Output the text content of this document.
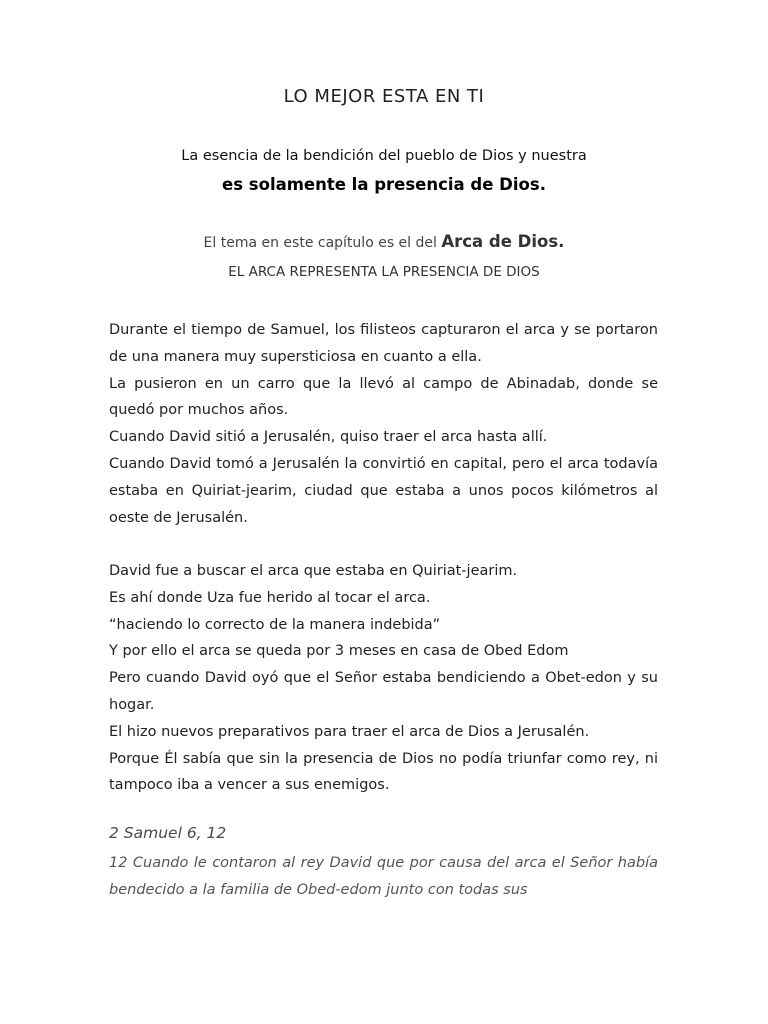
LO MEJOR ESTA EN TI
La esencia de la bendición del pueblo de Dios y nuestra
es solamente la presencia de Dios.
El tema en este capítulo es el del Arca de Dios.
EL ARCA REPRESENTA LA PRESENCIA DE DIOS

Durante el tiempo de Samuel, los filisteos capturaron el arca y se portaron de una manera muy supersticiosa en cuanto a ella.

La pusieron en un carro que la llevó al campo de Abinadab, donde se quedó por muchos años.

Cuando David sitió a Jerusalén, quiso traer el arca hasta allí.

Cuando David tomó a Jerusalén la convirtió en capital, pero el arca todavía estaba en Quiriat-jearim, ciudad que estaba a unos pocos kilómetros al oeste de Jerusalén.

David fue a buscar el arca que estaba en Quiriat-jearim.

Es ahí donde Uza fue herido al tocar el arca.

“haciendo lo correcto de la manera indebida”

Y por ello el arca se queda por 3 meses en casa de Obed Edom

Pero cuando David oyó que el Señor estaba bendiciendo a Obet-edon y su hogar.

El hizo nuevos preparativos para traer el arca de Dios a Jerusalén.

Porque Él sabía que sin la presencia de Dios no podía triunfar como rey, ni tampoco iba a vencer a sus enemigos.

2 Samuel 6, 12
12 Cuando le contaron al rey David que por causa del arca el Señor había bendecido a la familia de Obed-edom junto con todas sus
